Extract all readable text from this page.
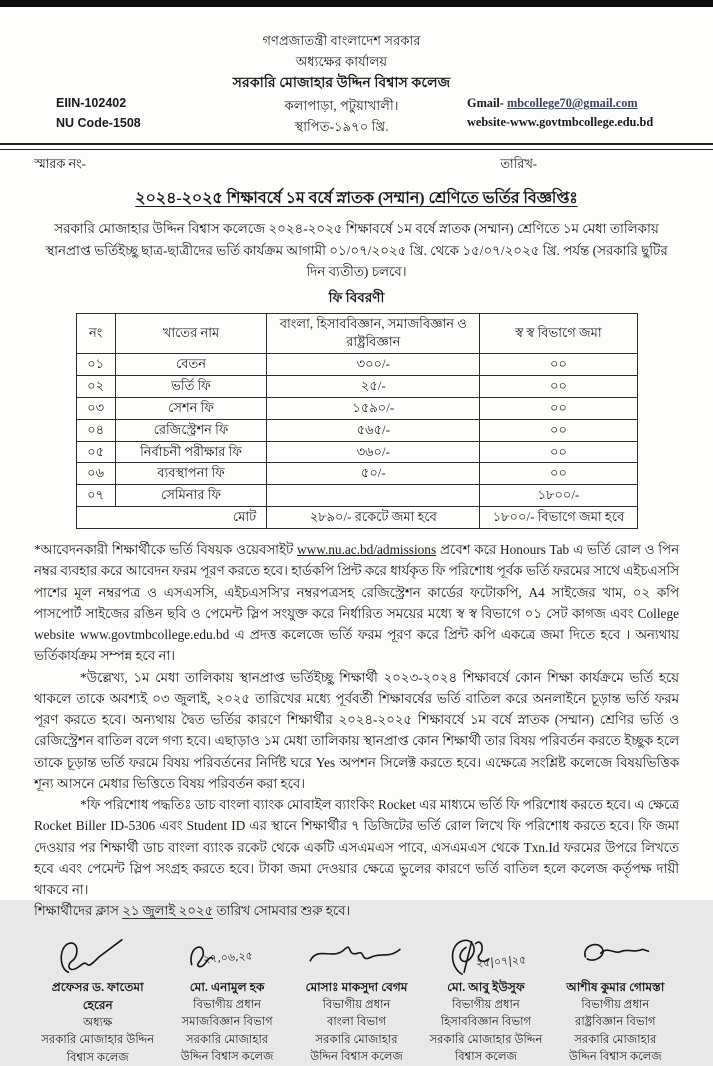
EIIN-102402
NU Code-1508
গণপ্রজাতন্ত্রী বাংলাদেশ সরকার
অধ্যক্ষের কার্যালয়
সরকারি মোজাহার উদ্দিন বিশ্বাস কলেজ
কলাপাড়া, পটুয়াখালী।
স্থাপিত-১৯৭০ খ্রি.
Gmail- mbcollege70@gmail.com
website-www.govtmbcollege.edu.bd
স্মারক নং-	তারিখ-
২০২৪-২০২৫ শিক্ষাবর্ষে ১ম বর্ষে স্নাতক (সম্মান) শ্রেণিতে ভর্তির বিজ্ঞপ্তিঃ

সরকারি মোজাহার উদ্দিন বিশ্বাস কলেজে ২০২৪-২০২৫ শিক্ষাবর্ষে ১ম বর্ষে স্নাতক (সম্মান) শ্রেণিতে ১ম মেধা তালিকায় স্থানপ্রাপ্ত ভর্তিইচ্ছু ছাত্র-ছাত্রীদের ভর্তি কার্যক্রম আগামী ০১/০৭/২০২৫ খ্রি. থেকে ১৫/০৭/২০২৫ খ্রি. পর্যন্ত (সরকারি ছুটির দিন ব্যতীত) চলবে।

ফি বিবরণী
নং	খাতের নাম	বাংলা, হিসাববিজ্ঞান, সমাজবিজ্ঞান ও রাষ্ট্রবিজ্ঞান	স্ব স্ব বিভাগে জমা
০১	বেতন	৩০০/-	০০
০২	ভর্তি ফি	২৫/-	০০
০৩	সেশন ফি	১৫৯০/-	০০
০৪	রেজিস্ট্রেশন ফি	৫৬৫/-	০০
০৫	নির্বাচনী পরীক্ষার ফি	৩৬০/-	০০
০৬	ব্যবস্থাপনা ফি	৫০/-	০০
০৭	সেমিনার ফি		১৮০০/-
মোট		২৮৯০/- রকেটে জমা হবে	১৮০০/- বিভাগে জমা হবে

*আবেদনকারী শিক্ষার্থীকে ভর্তি বিষয়ক ওয়েবসাইট www.nu.ac.bd/admissions প্রবেশ করে Honours Tab এ ভর্তি রোল ও পিন নম্বর ব্যবহার করে আবেদন ফরম পূরণ করতে হবে। হার্ডকপি প্রিন্ট করে ধার্যকৃত ফি পরিশোধ পূর্বক ভর্তি ফরমের সাথে এইচএসসি পাশের মূল নম্বরপত্র ও এসএসসি, এইচএসসি'র নম্বরপত্রসহ রেজিস্ট্রেশন কার্ডের ফটোকপি, A4 সাইজের খাম, ০২ কপি পাসপোর্ট সাইজের রঙিন ছবি ও পেমেন্ট স্লিপ সংযুক্ত করে নির্ধারিত সময়ের মধ্যে স্ব স্ব বিভাগে ০১ সেট কাগজ এবং College website www.govtmbcollege.edu.bd এ প্রদত্ত কলেজে ভর্তি ফরম পূরণ করে প্রিন্ট কপি একত্রে জমা দিতে হবে । অন্যথায় ভর্তিকার্যক্রম সম্পন্ন হবে না।

*উল্লেখ্য, ১ম মেধা তালিকায় স্থানপ্রাপ্ত ভর্তিইচ্ছু শিক্ষার্থী ২০২৩-২০২৪ শিক্ষাবর্ষে কোন শিক্ষা কার্যক্রমে ভর্তি হয়ে থাকলে তাকে অবশ্যই ০৩ জুলাই, ২০২৫ তারিখের মধ্যে পূর্ববর্তী শিক্ষাবর্ষের ভর্তি বাতিল করে অনলাইনে চূড়ান্ত ভর্তি ফরম পূরণ করতে হবে। অন্যথায় দ্বৈত ভর্তির কারণে শিক্ষার্থীর ২০২৪-২০২৫ শিক্ষাবর্ষে ১ম বর্ষে স্নাতক (সম্মান) শ্রেণির ভর্তি ও রেজিস্ট্রেশন বাতিল বলে গণ্য হবে। এছাড়াও ১ম মেধা তালিকায় স্থানপ্রাপ্ত কোন শিক্ষার্থী তার বিষয় পরিবর্তন করতে ইচ্ছুক হলে তাকে চূড়ান্ত ভর্তি ফরমে বিষয় পরিবর্তনের নির্দিষ্ট ঘরে Yes অপশন সিলেক্ট করতে হবে। এক্ষেত্রে সংশ্লিষ্ট কলেজে বিষয়ভিত্তিক শূন্য আসনে মেধার ভিত্তিতে বিষয় পরিবর্তন করা হবে।

*ফি পরিশোধ পদ্ধতিঃ ডাচ বাংলা ব্যাংক মোবাইল ব্যাংকিং Rocket এর মাধ্যমে ভর্তি ফি পরিশোধ করতে হবে। এ ক্ষেত্রে Rocket Biller ID-5306 এবং Student ID এর স্থানে শিক্ষার্থীর ৭ ডিজিটের ভর্তি রোল লিখে ফি পরিশোধ করতে হবে। ফি জমা দেওয়ার পর শিক্ষার্থী ডাচ বাংলা ব্যাংক রকেট থেকে একটি এসএমএস পাবে, এসএমএস থেকে Txn.Id ফরমের উপরে লিখতে হবে এবং পেমেন্ট স্লিপ সংগ্রহ করতে হবে। টাকা জমা দেওয়ার ক্ষেত্রে ভুলের কারণে ভর্তি বাতিল হলে কলেজ কর্তৃপক্ষ দায়ী থাকবে না।

শিক্ষার্থীদের ক্লাস ২১ জুলাই ২০২৫ তারিখ সোমবার শুরু হবে।

প্রফেসর ড. ফাতেমা হেরেন
অধ্যক্ষ
সরকারি মোজাহার উদ্দিন
বিশ্বাস কলেজ
২৭,০৬,২৫
মো. এনামুল হক
বিভাগীয় প্রধান
সমাজবিজ্ঞান বিভাগ
সরকারি মোজাহার
উদ্দিন বিশ্বাস কলেজ
মোসাঃ মাকসুদা বেগম
বিভাগীয় প্রধান
বাংলা বিভাগ
সরকারি মোজাহার
উদ্দিন বিশ্বাস কলেজ
২৫|০৭|২৫
মো. আবু ইউসুফ
বিভাগীয় প্রধান
হিসাববিজ্ঞান বিভাগ
সরকারি মোজাহার উদ্দিন
বিশ্বাস কলেজ
আশীষ কুমার গোমস্তা
বিভাগীয় প্রধান
রাষ্ট্রবিজ্ঞান বিভাগ
সরকারি মোজাহার
উদ্দিন বিশ্বাস কলেজ
